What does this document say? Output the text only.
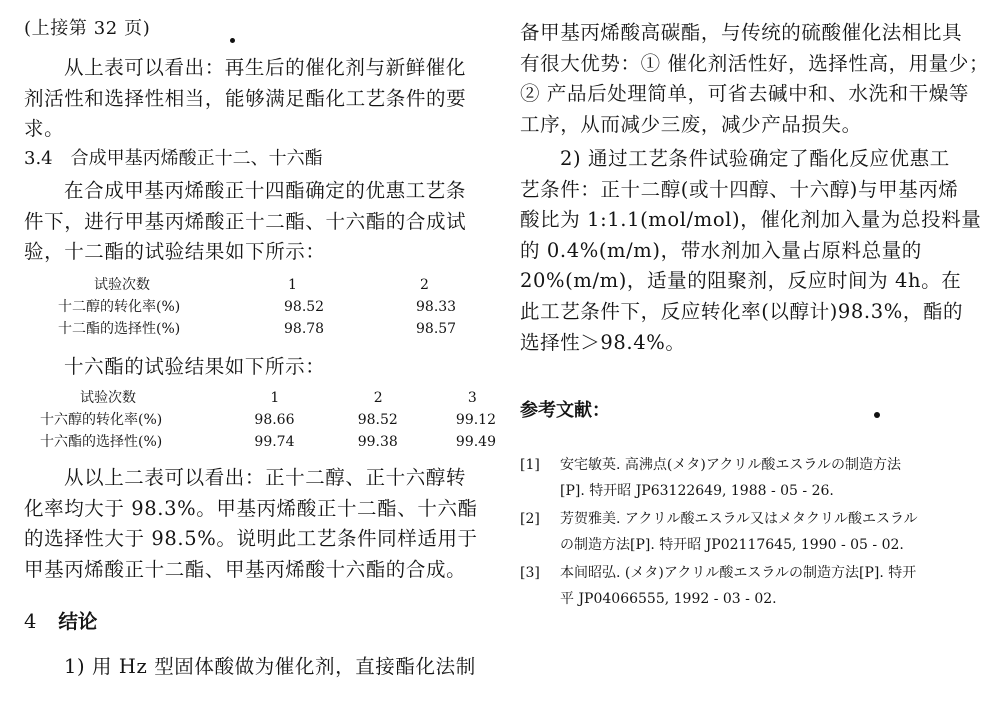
(上接第 32 页)

从上表可以看出：再生后的催化剂与新鲜催化

剂活性和选择性相当，能够满足酯化工艺条件的要

求。

3.4 合成甲基丙烯酸正十二、十六酯

在合成甲基丙烯酸正十四酯确定的优惠工艺条

件下，进行甲基丙烯酸正十二酯、十六酯的合成试

验，十二酯的试验结果如下所示：

试验次数	1	2
十二醇的转化率(%)	98.52	98.33
十二酯的选择性(%)	98.78	98.57

十六酯的试验结果如下所示：

试验次数	1	2	3
十六醇的转化率(%)	98.66	98.52	99.12
十六酯的选择性(%)	99.74	99.38	99.49

从以上二表可以看出：正十二醇、正十六醇转

化率均大于 98.3%。甲基丙烯酸正十二酯、十六酯

的选择性大于 98.5%。说明此工艺条件同样适用于

甲基丙烯酸正十二酯、甲基丙烯酸十六酯的合成。

4 结论

1) 用 Hz 型固体酸做为催化剂，直接酯化法制

备甲基丙烯酸高碳酯，与传统的硫酸催化法相比具

有很大优势：① 催化剂活性好，选择性高，用量少；

② 产品后处理简单，可省去碱中和、水洗和干燥等

工序，从而减少三废，减少产品损失。

2) 通过工艺条件试验确定了酯化反应优惠工

艺条件：正十二醇(或十四醇、十六醇)与甲基丙烯

酸比为 1:1.1(mol/mol)，催化剂加入量为总投料量

的 0.4%(m/m)，带水剂加入量占原料总量的

20%(m/m)，适量的阻聚剂，反应时间为 4h。在

此工艺条件下，反应转化率(以醇计)98.3%，酯的

选择性＞98.4%。

参考文献：

[1] 安宅敏英. 高沸点(メタ)アクリル酸エスラルの制造方法
[P]. 特开昭 JP63122649, 1988 - 05 - 26.
[2] 芳贺雅美. アクリル酸エスラル又はメタクリル酸エスラル
の制造方法[P]. 特开昭 JP02117645, 1990 - 05 - 02.
[3] 本间昭弘. (メタ)アクリル酸エスラルの制造方法[P]. 特开
平 JP04066555, 1992 - 03 - 02.
